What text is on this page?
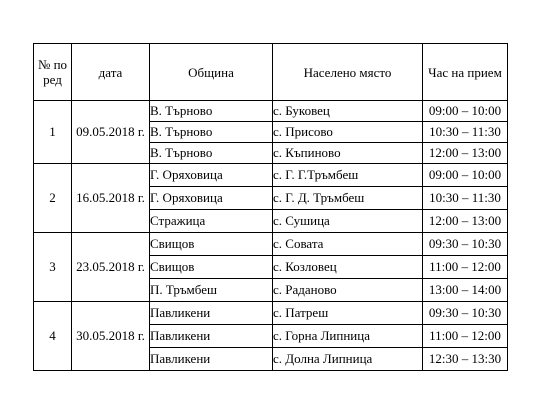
№ по ред	дата	Община	Населено място	Час на прием
1	09.05.2018 г.	В. Търново	с. Буковец	09:00 – 10:00
		В. Търново	с. Присово	10:30 – 11:30
		В. Търново	с. Къпиново	12:00 – 13:00
2	16.05.2018 г.	Г. Оряховица	с. Г. Г.Тръмбеш	09:00 – 10:00
		Г. Оряховица	с. Г. Д. Тръмбеш	10:30 – 11:30
		Стражица	с. Сушица	12:00 – 13:00
3	23.05.2018 г.	Свищов	с. Совата	09:30 – 10:30
		Свищов	с. Козловец	11:00 – 12:00
		П. Тръмбеш	с. Раданово	13:00 – 14:00
4	30.05.2018 г.	Павликени	с. Патреш	09:30 – 10:30
		Павликени	с. Горна Липница	11:00 – 12:00
		Павликени	с. Долна Липница	12:30 – 13:30
